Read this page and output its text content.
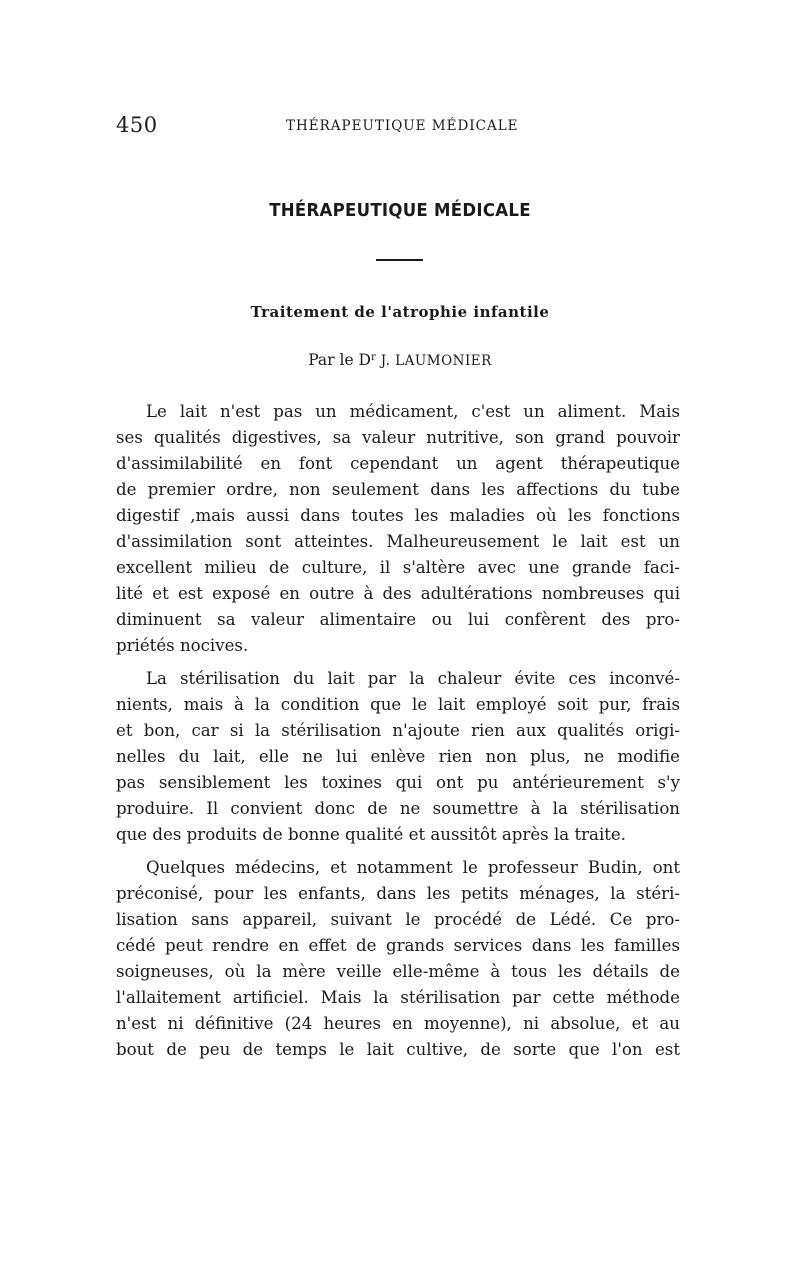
450	THÉRAPEUTIQUE MÉDICALE
THÉRAPEUTIQUE MÉDICALE
Traitement de l'atrophie infantile
Par le $D^r$ J. LAUMONIER
Le lait n'est pas un médicament, c'est un aliment. Mais
ses qualités digestives, sa valeur nutritive, son grand pouvoir
d'assimilabilité en font cependant un agent thérapeutique
de premier ordre, non seulement dans les affections du tube
digestif ,mais aussi dans toutes les maladies où les fonctions
d'assimilation sont atteintes. Malheureusement le lait est un
excellent milieu de culture, il s'altère avec une grande faci-
lité et est exposé en outre à des adultérations nombreuses qui
diminuent sa valeur alimentaire ou lui confèrent des pro-
priétés nocives.
La stérilisation du lait par la chaleur évite ces inconvé-
nients, mais à la condition que le lait employé soit pur, frais
et bon, car si la stérilisation n'ajoute rien aux qualités origi-
nelles du lait, elle ne lui enlève rien non plus, ne modifie
pas sensiblement les toxines qui ont pu antérieurement s'y
produire. Il convient donc de ne soumettre à la stérilisation
que des produits de bonne qualité et aussitôt après la traite.
Quelques médecins, et notamment le professeur Budin, ont
préconisé, pour les enfants, dans les petits ménages, la stéri-
lisation sans appareil, suivant le procédé de Lédé. Ce pro-
cédé peut rendre en effet de grands services dans les familles
soigneuses, où la mère veille elle-même à tous les détails de
l'allaitement artificiel. Mais la stérilisation par cette méthode
n'est ni définitive (24 heures en moyenne), ni absolue, et au
bout de peu de temps le lait cultive, de sorte que l'on est
